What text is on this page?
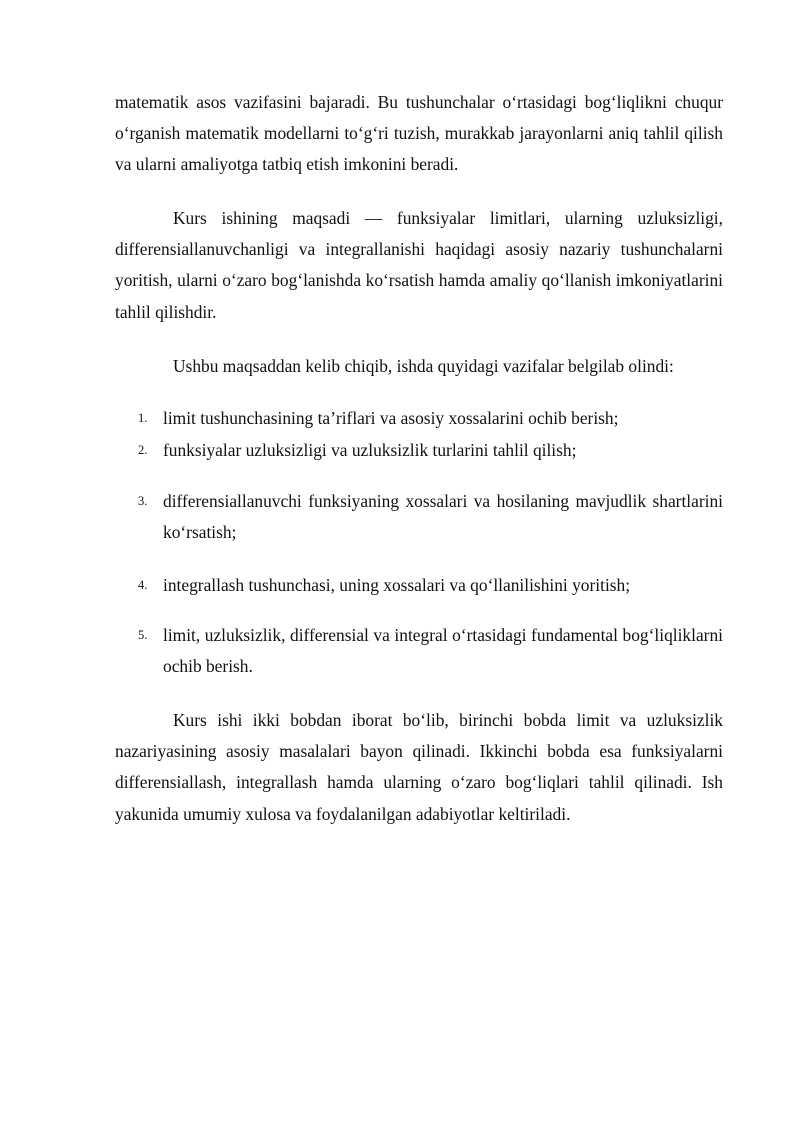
matematik asos vazifasini bajaradi. Bu tushunchalar o‘rtasidagi bog‘liqlikni chuqur o‘rganish matematik modellarni to‘g‘ri tuzish, murakkab jarayonlarni aniq tahlil qilish va ularni amaliyotga tatbiq etish imkonini beradi.

Kurs ishining maqsadi — funksiyalar limitlari, ularning uzluksizligi, differensiallanuvchanligi va integrallanishi haqidagi asosiy nazariy tushunchalarni yoritish, ularni o‘zaro bog‘lanishda ko‘rsatish hamda amaliy qo‘llanish imkoniyatlarini tahlil qilishdir.

Ushbu maqsaddan kelib chiqib, ishda quyidagi vazifalar belgilab olindi:

1. limit tushunchasining ta’riflari va asosiy xossalarini ochib berish;

2. funksiyalar uzluksizligi va uzluksizlik turlarini tahlil qilish;

3. differensiallanuvchi funksiyaning xossalari va hosilaning mavjudlik shartlarini ko‘rsatish;

4. integrallash tushunchasi, uning xossalari va qo‘llanilishini yoritish;

5. limit, uzluksizlik, differensial va integral o‘rtasidagi fundamental bog‘liqliklarni ochib berish.

Kurs ishi ikki bobdan iborat bo‘lib, birinchi bobda limit va uzluksizlik nazariyasining asosiy masalalari bayon qilinadi. Ikkinchi bobda esa funksiyalarni differensiallash, integrallash hamda ularning o‘zaro bog‘liqlari tahlil qilinadi. Ish yakunida umumiy xulosa va foydalanilgan adabiyotlar keltiriladi.
